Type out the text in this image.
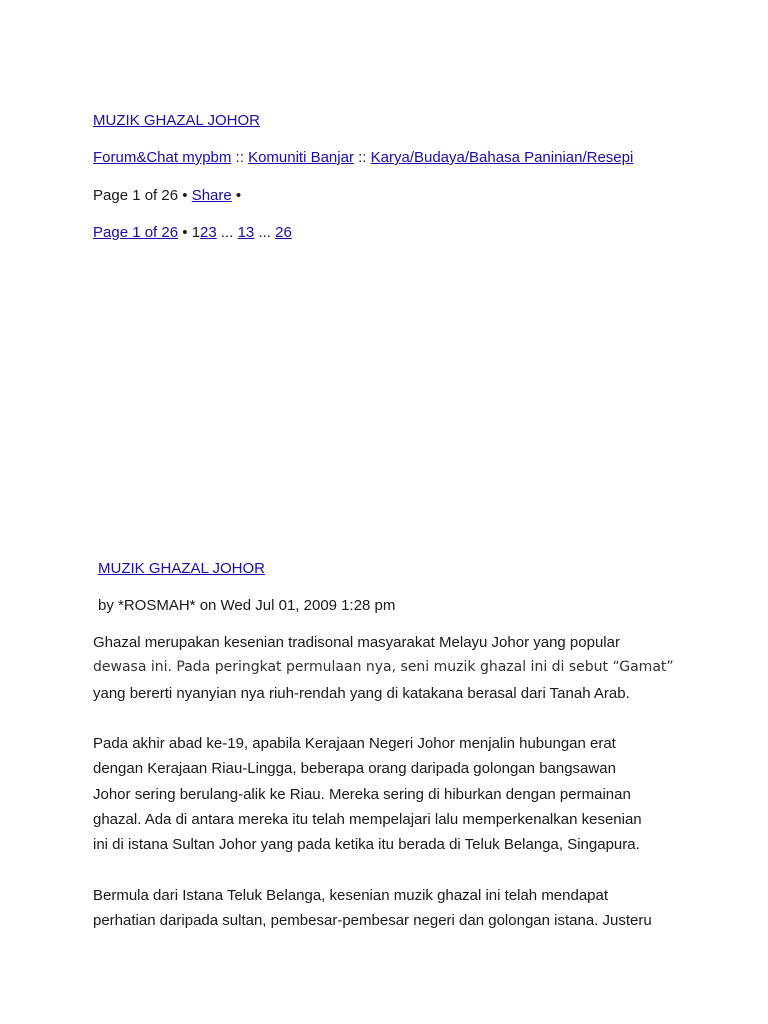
MUZIK GHAZAL JOHOR
Forum&Chat mypbm :: Komuniti Banjar :: Karya/Budaya/Bahasa Paninian/Resepi
Page 1 of 26 • Share •
Page 1 of 26 • 123 ... 13 ... 26
MUZIK GHAZAL JOHOR
by *ROSMAH* on Wed Jul 01, 2009 1:28 pm
Ghazal merupakan kesenian tradisonal masyarakat Melayu Johor yang popular
dewasa ini. Pada peringkat permulaan nya, seni muzik ghazal ini di sebut “Gamat”
yang bererti nyanyian nya riuh-rendah yang di katakana berasal dari Tanah Arab.
Pada akhir abad ke-19, apabila Kerajaan Negeri Johor menjalin hubungan erat
dengan Kerajaan Riau-Lingga, beberapa orang daripada golongan bangsawan
Johor sering berulang-alik ke Riau. Mereka sering di hiburkan dengan permainan
ghazal. Ada di antara mereka itu telah mempelajari lalu memperkenalkan kesenian
ini di istana Sultan Johor yang pada ketika itu berada di Teluk Belanga, Singapura.
Bermula dari Istana Teluk Belanga, kesenian muzik ghazal ini telah mendapat
perhatian daripada sultan, pembesar-pembesar negeri dan golongan istana. Justeru
